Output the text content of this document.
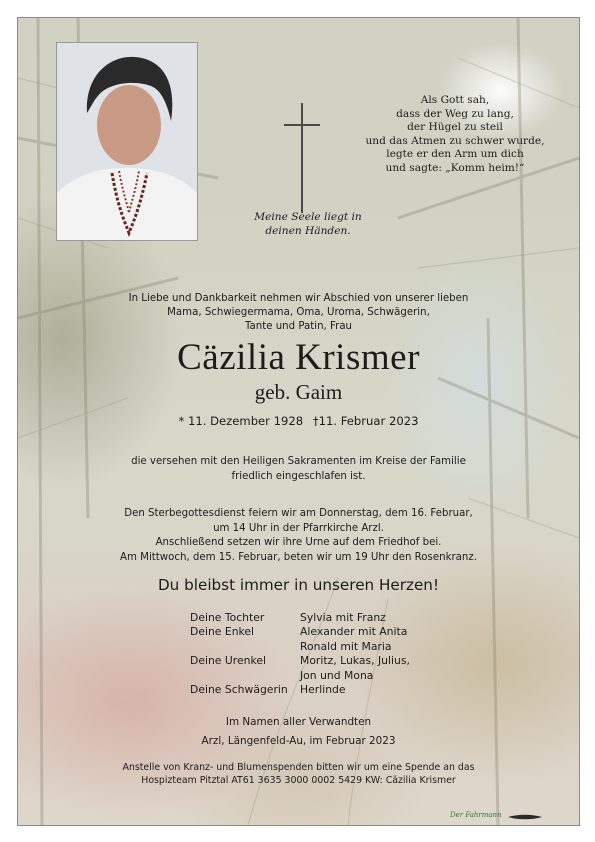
Als Gott sah,
dass der Weg zu lang,
der Hügel zu steil
und das Atmen zu schwer wurde,
legte er den Arm um dich
und sagte: „Komm heim!“
Meine Seele liegt in
deinen Händen.
In Liebe und Dankbarkeit nehmen wir Abschied von unserer lieben
Mama, Schwiegermama, Oma, Uroma, Schwägerin,
Tante und Patin, Frau
Cäzilia Krismer
geb. Gaim
* 11. Dezember 1928 †11. Februar 2023
die versehen mit den Heiligen Sakramenten im Kreise der Familie
friedlich eingeschlafen ist.
Den Sterbegottesdienst feiern wir am Donnerstag, dem 16. Februar,
um 14 Uhr in der Pfarrkirche Arzl.
Anschließend setzen wir ihre Urne auf dem Friedhof bei.
Am Mittwoch, dem 15. Februar, beten wir um 19 Uhr den Rosenkranz.
Du bleibst immer in unseren Herzen!
Deine Tochter	Sylvia mit Franz
Deine Enkel	Alexander mit Anita
Ronald mit Maria
Deine Urenkel	Moritz, Lukas, Julius,
Jon und Mona
Deine Schwägerin	Herlinde
Im Namen aller Verwandten
Arzl, Längenfeld-Au, im Februar 2023
Anstelle von Kranz- und Blumenspenden bitten wir um eine Spende an das
Hospizteam Pitztal AT61 3635 3000 0002 5429 KW: Cäzilia Krismer
Der Fahrmann
